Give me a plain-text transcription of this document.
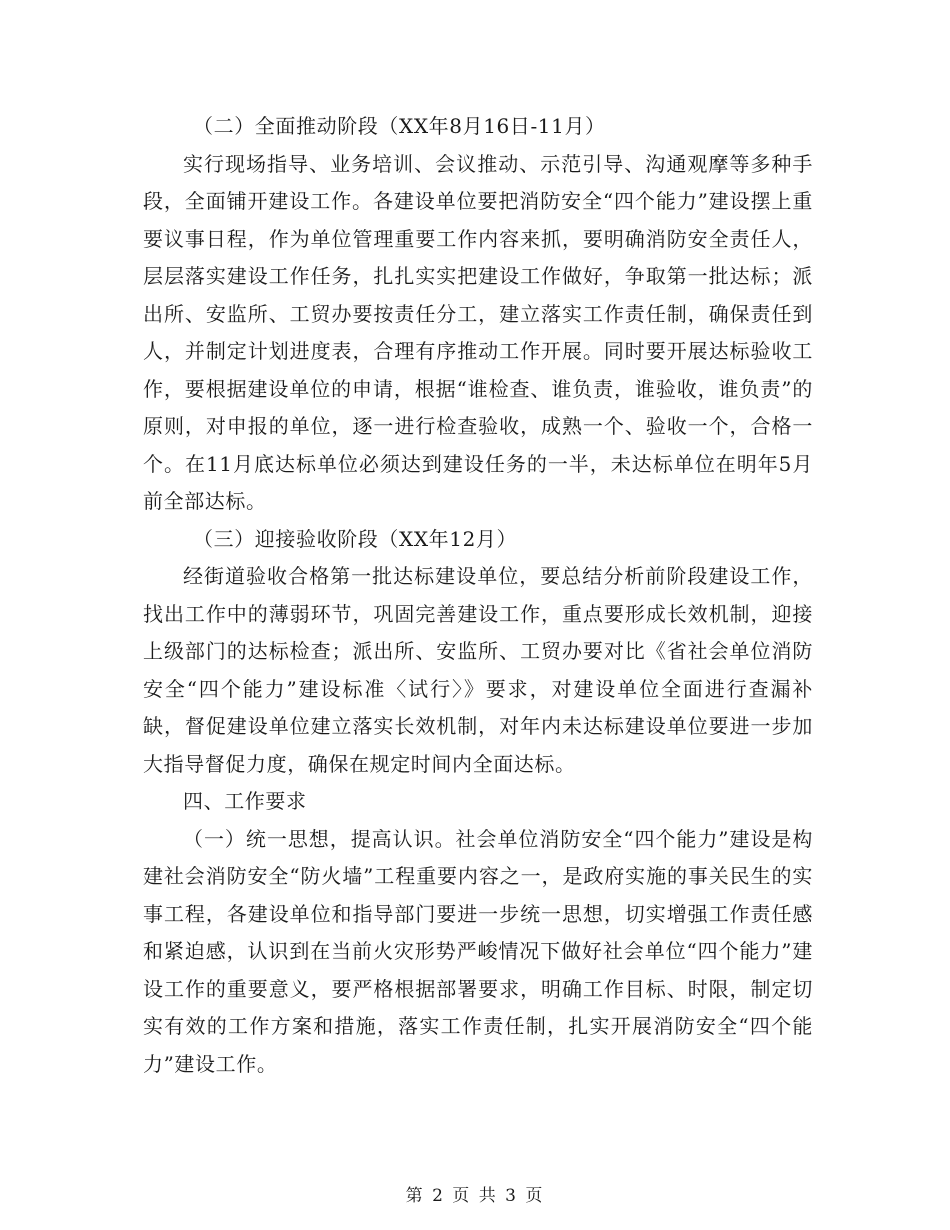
（二）全面推动阶段（XX年8月16日-11月）

实行现场指导、业务培训、会议推动、示范引导、沟通观摩等多种手段，全面铺开建设工作。各建设单位要把消防安全“四个能力”建设摆上重要议事日程，作为单位管理重要工作内容来抓，要明确消防安全责任人，层层落实建设工作任务，扎扎实实把建设工作做好，争取第一批达标；派出所、安监所、工贸办要按责任分工，建立落实工作责任制，确保责任到人，并制定计划进度表，合理有序推动工作开展。同时要开展达标验收工作，要根据建设单位的申请，根据“谁检查、谁负责，谁验收，谁负责”的原则，对申报的单位，逐一进行检查验收，成熟一个、验收一个，合格一个。在11月底达标单位必须达到建设任务的一半，未达标单位在明年5月前全部达标。

（三）迎接验收阶段（XX年12月）

经街道验收合格第一批达标建设单位，要总结分析前阶段建设工作，找出工作中的薄弱环节，巩固完善建设工作，重点要形成长效机制，迎接上级部门的达标检查；派出所、安监所、工贸办要对比《省社会单位消防安全“四个能力”建设标准〈试行〉》要求，对建设单位全面进行查漏补缺，督促建设单位建立落实长效机制，对年内未达标建设单位要进一步加大指导督促力度，确保在规定时间内全面达标。

四、工作要求

（一）统一思想，提高认识。社会单位消防安全“四个能力”建设是构建社会消防安全“防火墙”工程重要内容之一，是政府实施的事关民生的实事工程，各建设单位和指导部门要进一步统一思想，切实增强工作责任感和紧迫感，认识到在当前火灾形势严峻情况下做好社会单位“四个能力”建设工作的重要意义，要严格根据部署要求，明确工作目标、时限，制定切实有效的工作方案和措施，落实工作责任制，扎实开展消防安全“四个能力”建设工作。

第 2 页 共 3 页
